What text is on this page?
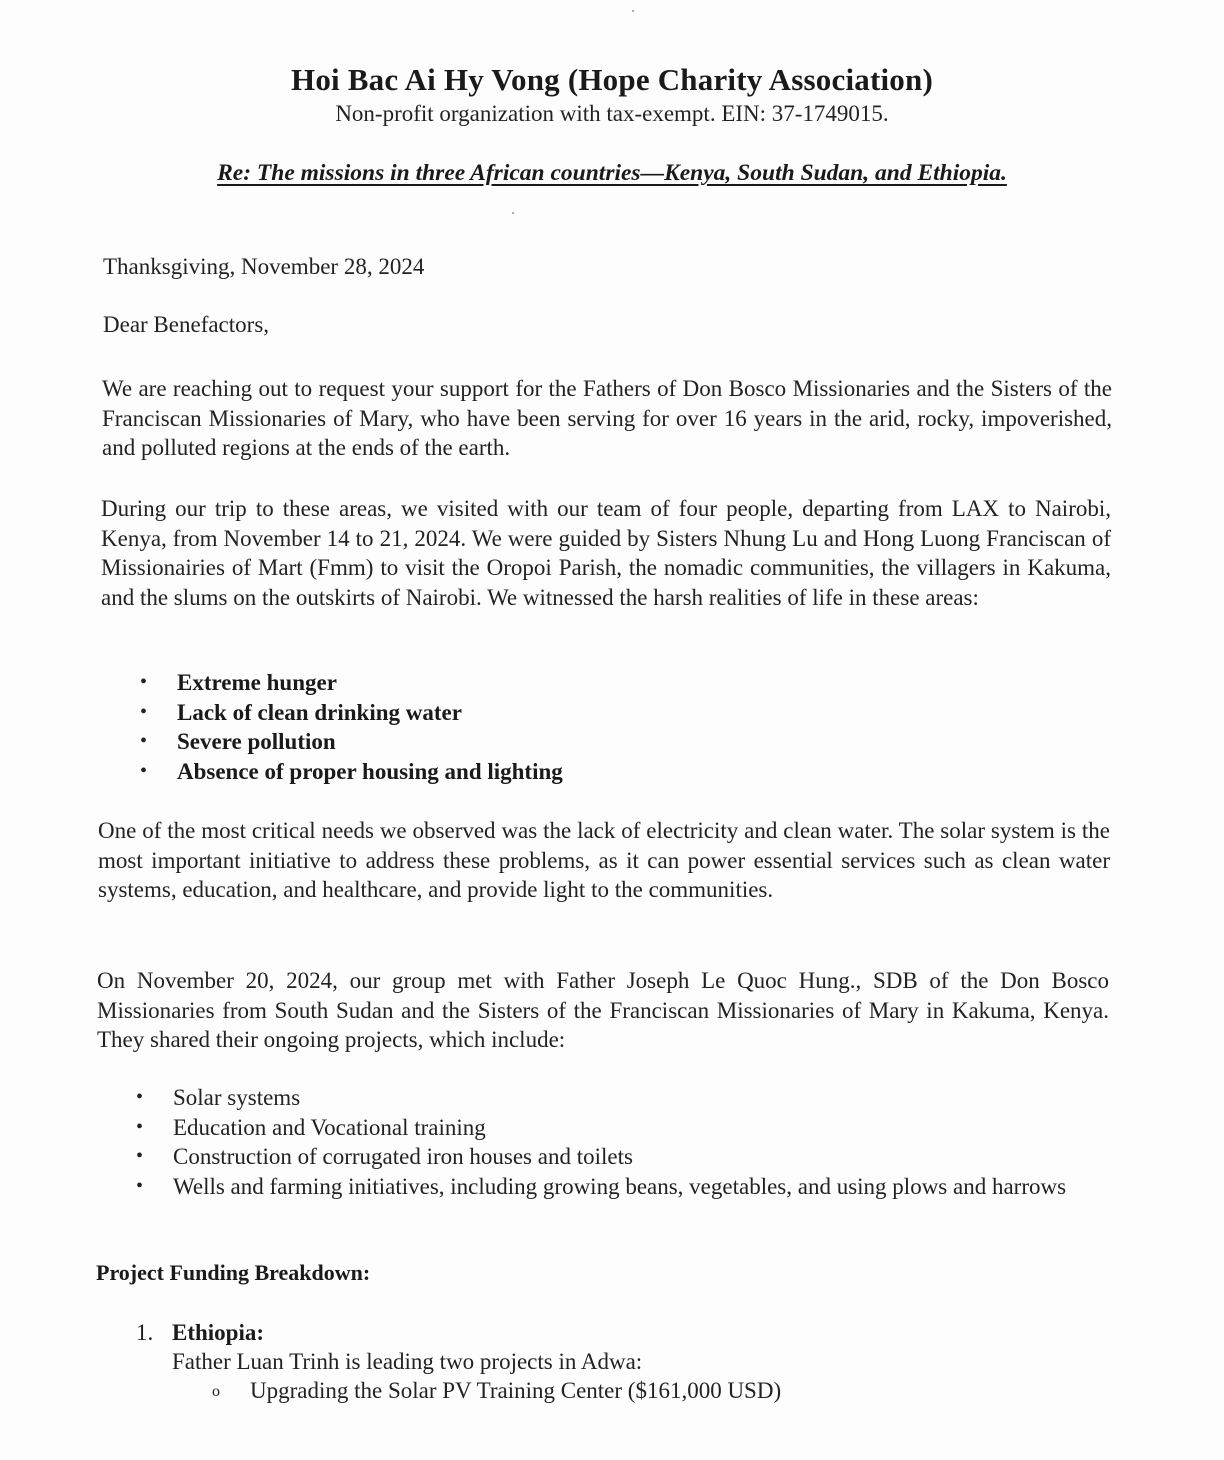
Hoi Bac Ai Hy Vong (Hope Charity Association)
Non-profit organization with tax-exempt. EIN: 37-1749015.
Re: The missions in three African countries—Kenya, South Sudan, and Ethiopia.
Thanksgiving, November 28, 2024
Dear Benefactors,
We are reaching out to request your support for the Fathers of Don Bosco Missionaries and the Sisters of the Franciscan Missionaries of Mary, who have been serving for over 16 years in the arid, rocky, impoverished, and polluted regions at the ends of the earth.
During our trip to these areas, we visited with our team of four people, departing from LAX to Nairobi, Kenya, from November 14 to 21, 2024. We were guided by Sisters Nhung Lu and Hong Luong Franciscan of Missionairies of Mart (Fmm) to visit the Oropoi Parish, the nomadic communities, the villagers in Kakuma, and the slums on the outskirts of Nairobi. We witnessed the harsh realities of life in these areas:
• Extreme hunger
• Lack of clean drinking water
• Severe pollution
• Absence of proper housing and lighting
One of the most critical needs we observed was the lack of electricity and clean water. The solar system is the most important initiative to address these problems, as it can power essential services such as clean water systems, education, and healthcare, and provide light to the communities.
On November 20, 2024, our group met with Father Joseph Le Quoc Hung., SDB of the Don Bosco Missionaries from South Sudan and the Sisters of the Franciscan Missionaries of Mary in Kakuma, Kenya. They shared their ongoing projects, which include:
• Solar systems
• Education and Vocational training
• Construction of corrugated iron houses and toilets
• Wells and farming initiatives, including growing beans, vegetables, and using plows and harrows
Project Funding Breakdown:
1. Ethiopia:
Father Luan Trinh is leading two projects in Adwa:
o Upgrading the Solar PV Training Center ($161,000 USD)
